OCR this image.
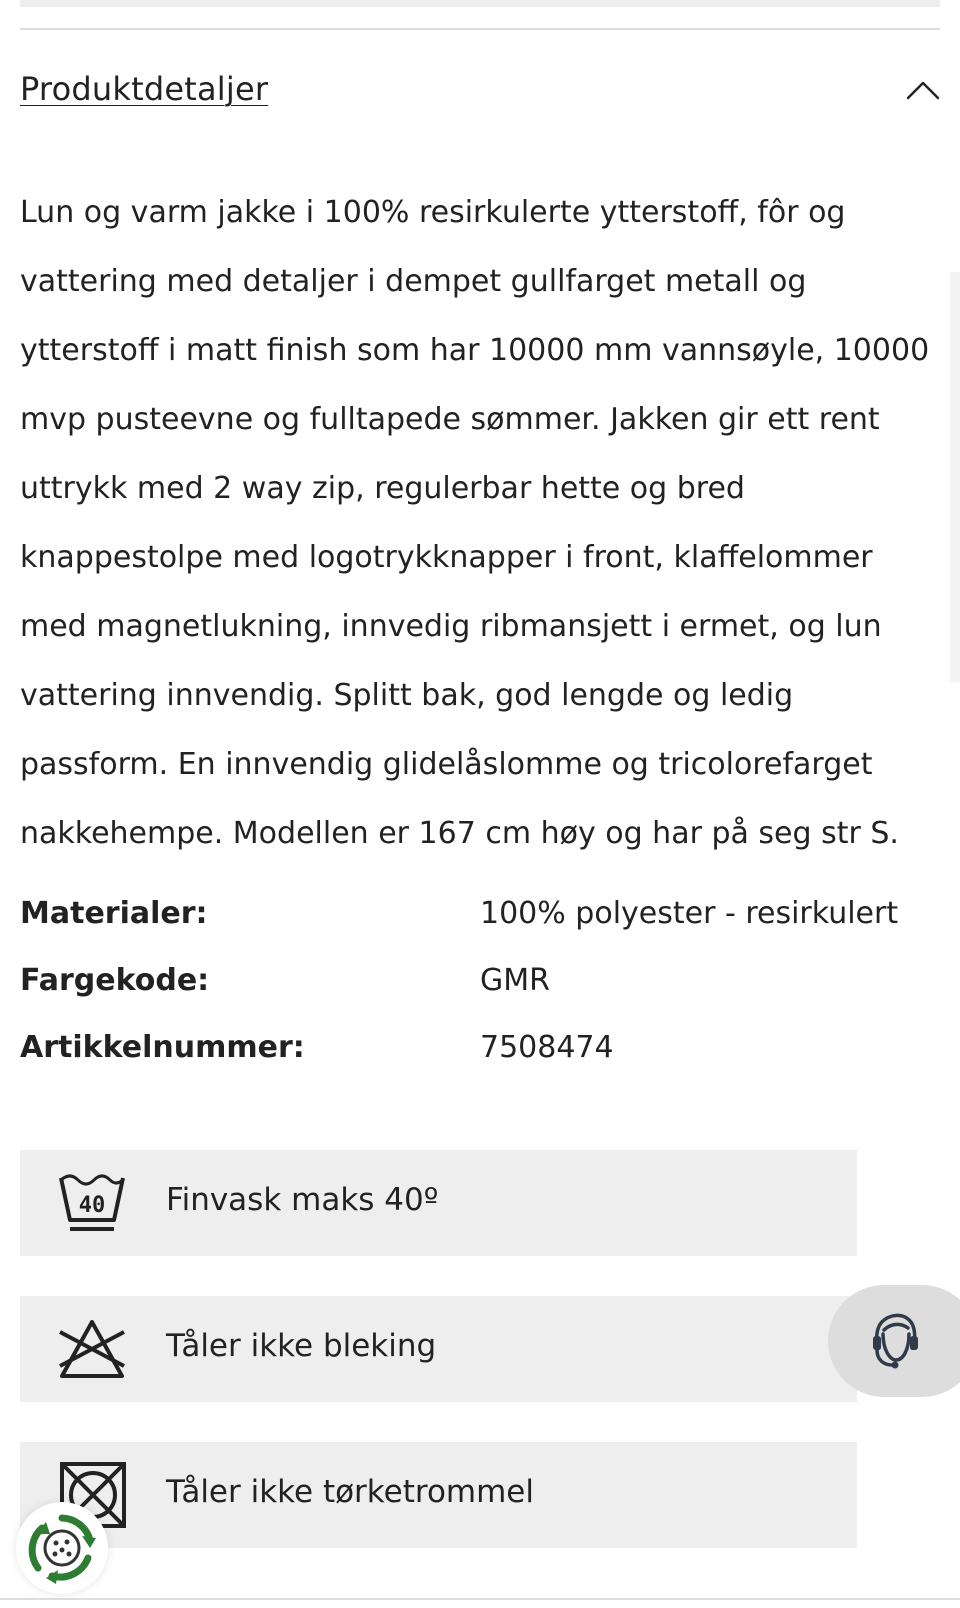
Produktdetaljer

Lun og varm jakke i 100% resirkulerte ytterstoff, fôr og vattering med detaljer i dempet gullfarget metall og ytterstoff i matt finish som har 10000 mm vannsøyle, 10000 mvp pusteevne og fulltapede sømmer. Jakken gir ett rent uttrykk med 2 way zip, regulerbar hette og bred knappestolpe med logotrykknapper i front, klaffelommer med magnetlukning, innvedig ribmansjett i ermet, og lun vattering innvendig. Splitt bak, god lengde og ledig passform. En innvendig glidelåslomme og tricolorefarget nakkehempe. Modellen er 167 cm høy og har på seg str S.

Materialer:	100% polyester - resirkulert
Fargekode:	GMR
Artikkelnummer:	7508474
40 Finvask maks 40º
Tåler ikke bleking
Tåler ikke tørketrommel
